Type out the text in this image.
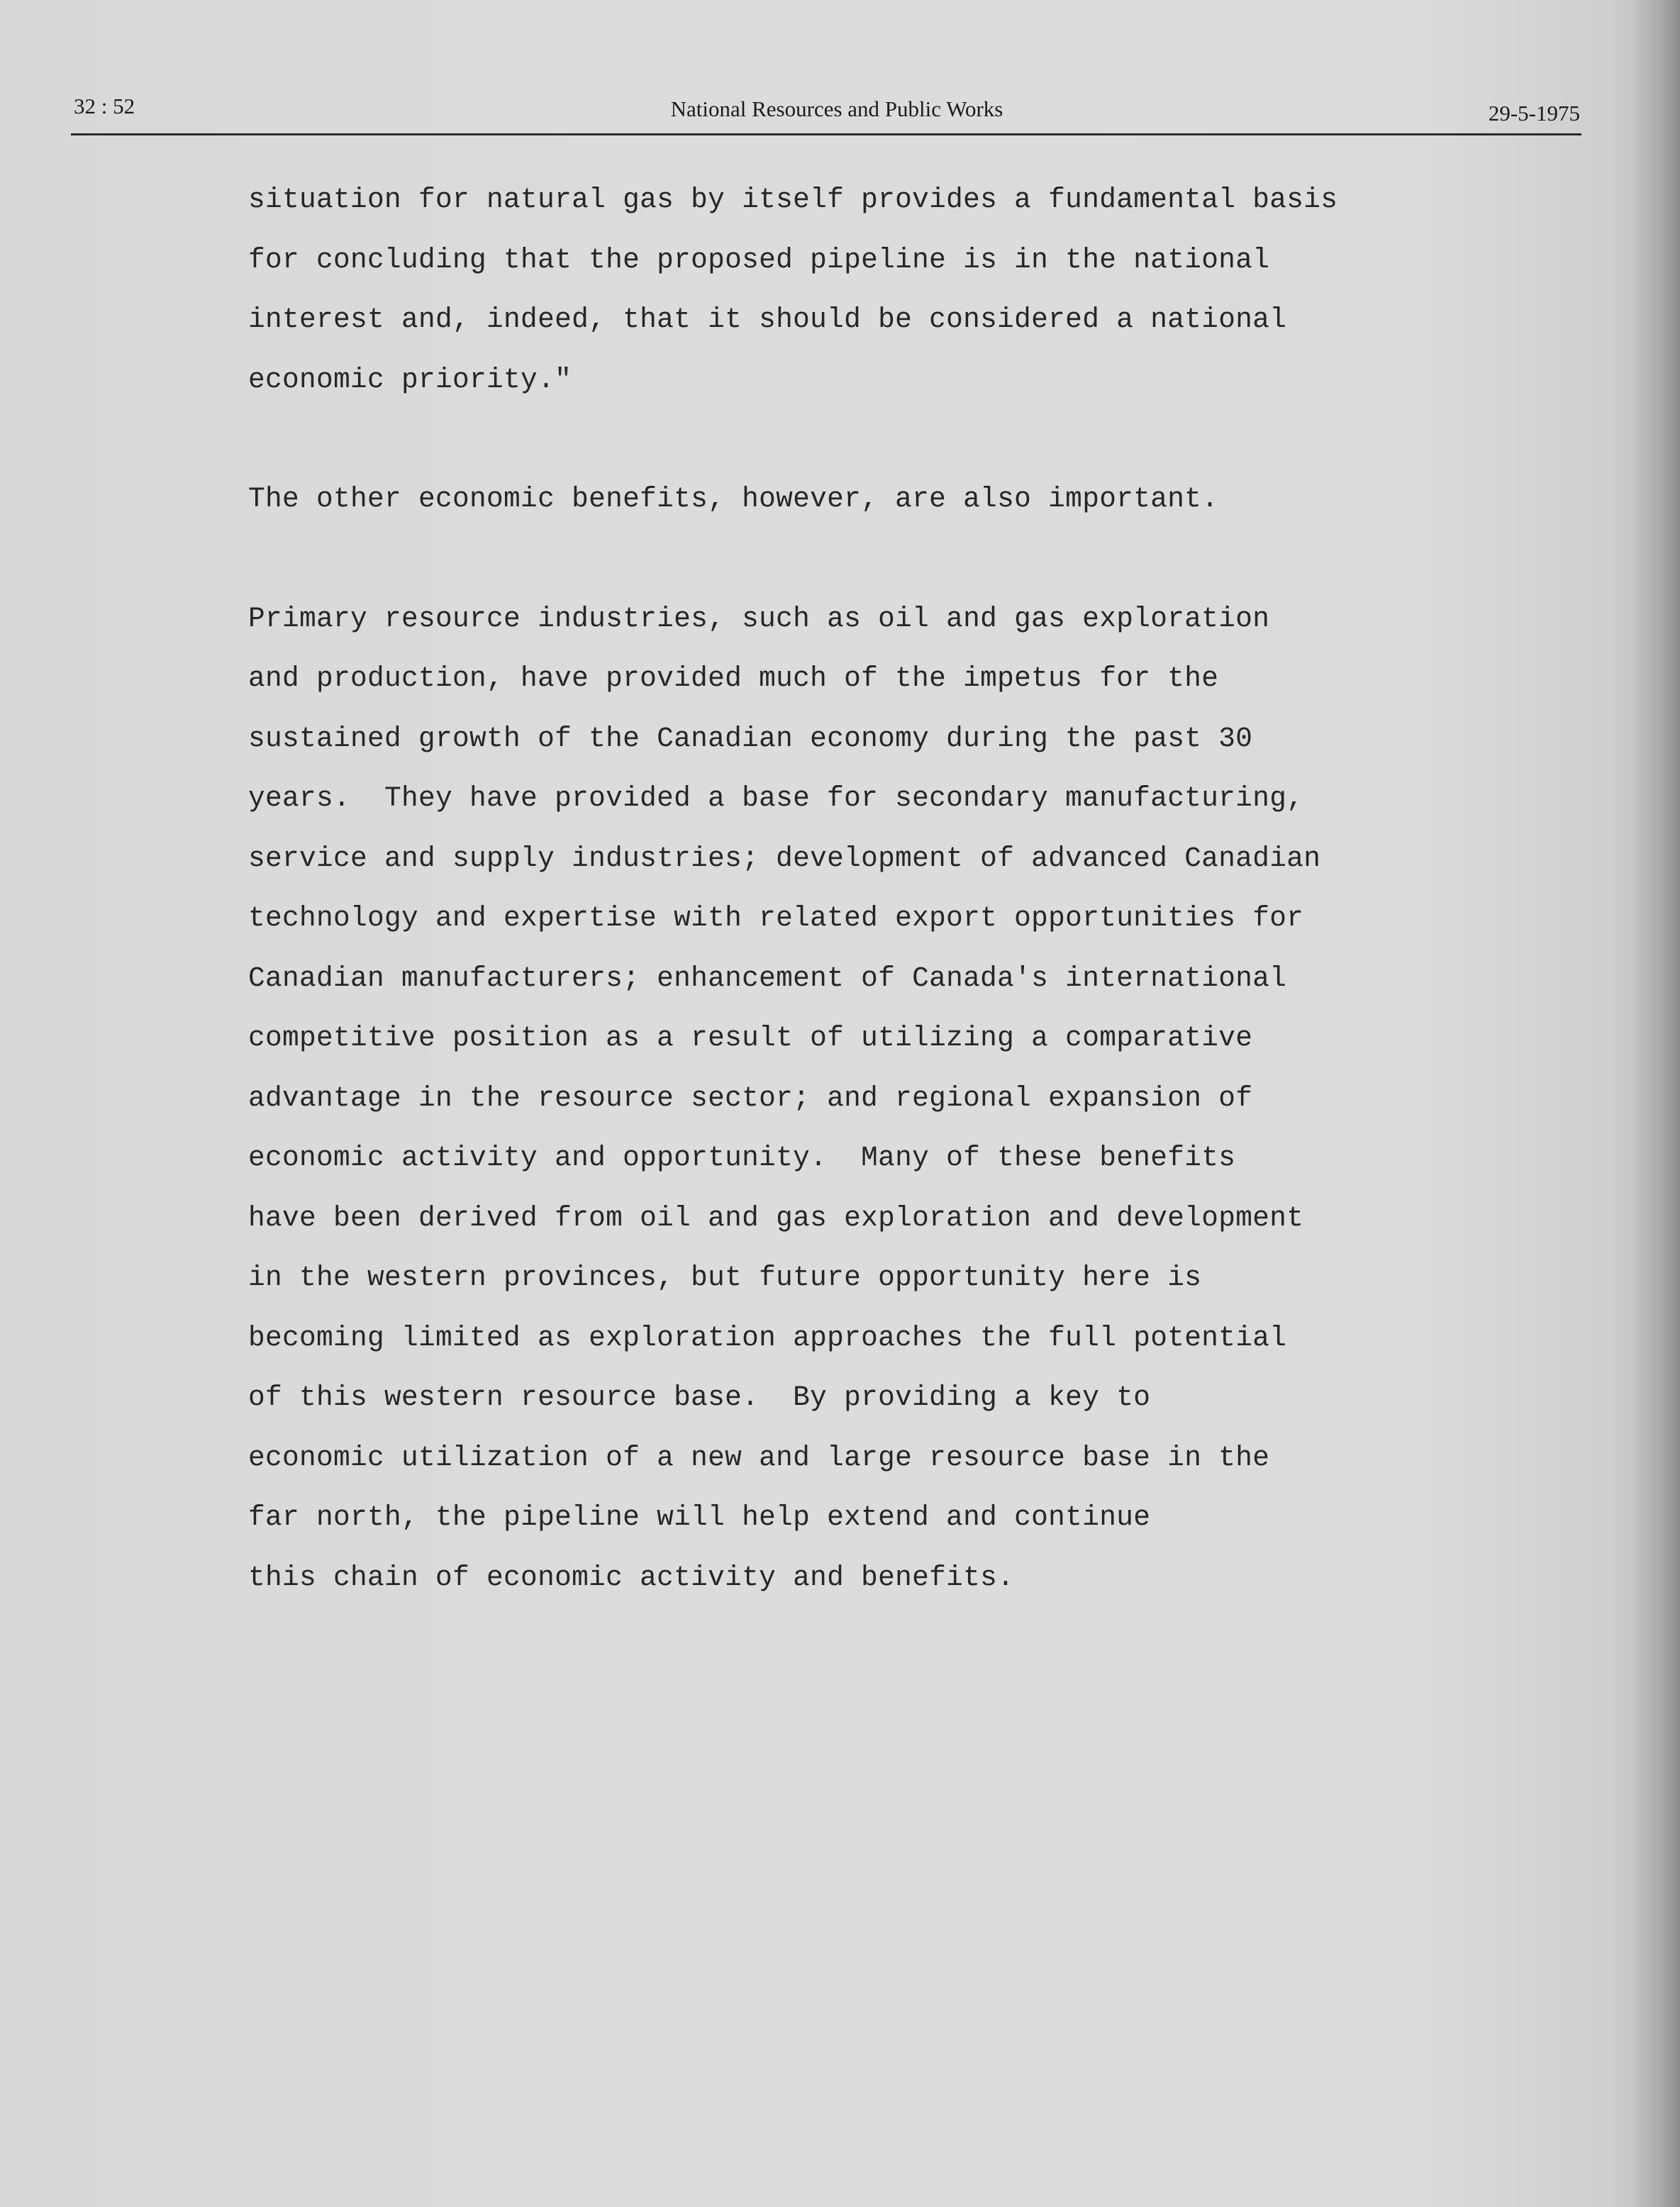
32 : 52	National Resources and Public Works	29-5-1975

situation for natural gas by itself provides a fundamental basis
for concluding that the proposed pipeline is in the national
interest and, indeed, that it should be considered a national
economic priority."

The other economic benefits, however, are also important.

Primary resource industries, such as oil and gas exploration
and production, have provided much of the impetus for the
sustained growth of the Canadian economy during the past 30
years.  They have provided a base for secondary manufacturing,
service and supply industries; development of advanced Canadian
technology and expertise with related export opportunities for
Canadian manufacturers; enhancement of Canada's international
competitive position as a result of utilizing a comparative
advantage in the resource sector; and regional expansion of
economic activity and opportunity.  Many of these benefits
have been derived from oil and gas exploration and development
in the western provinces, but future opportunity here is
becoming limited as exploration approaches the full potential
of this western resource base.  By providing a key to
economic utilization of a new and large resource base in the
far north, the pipeline will help extend and continue
this chain of economic activity and benefits.
